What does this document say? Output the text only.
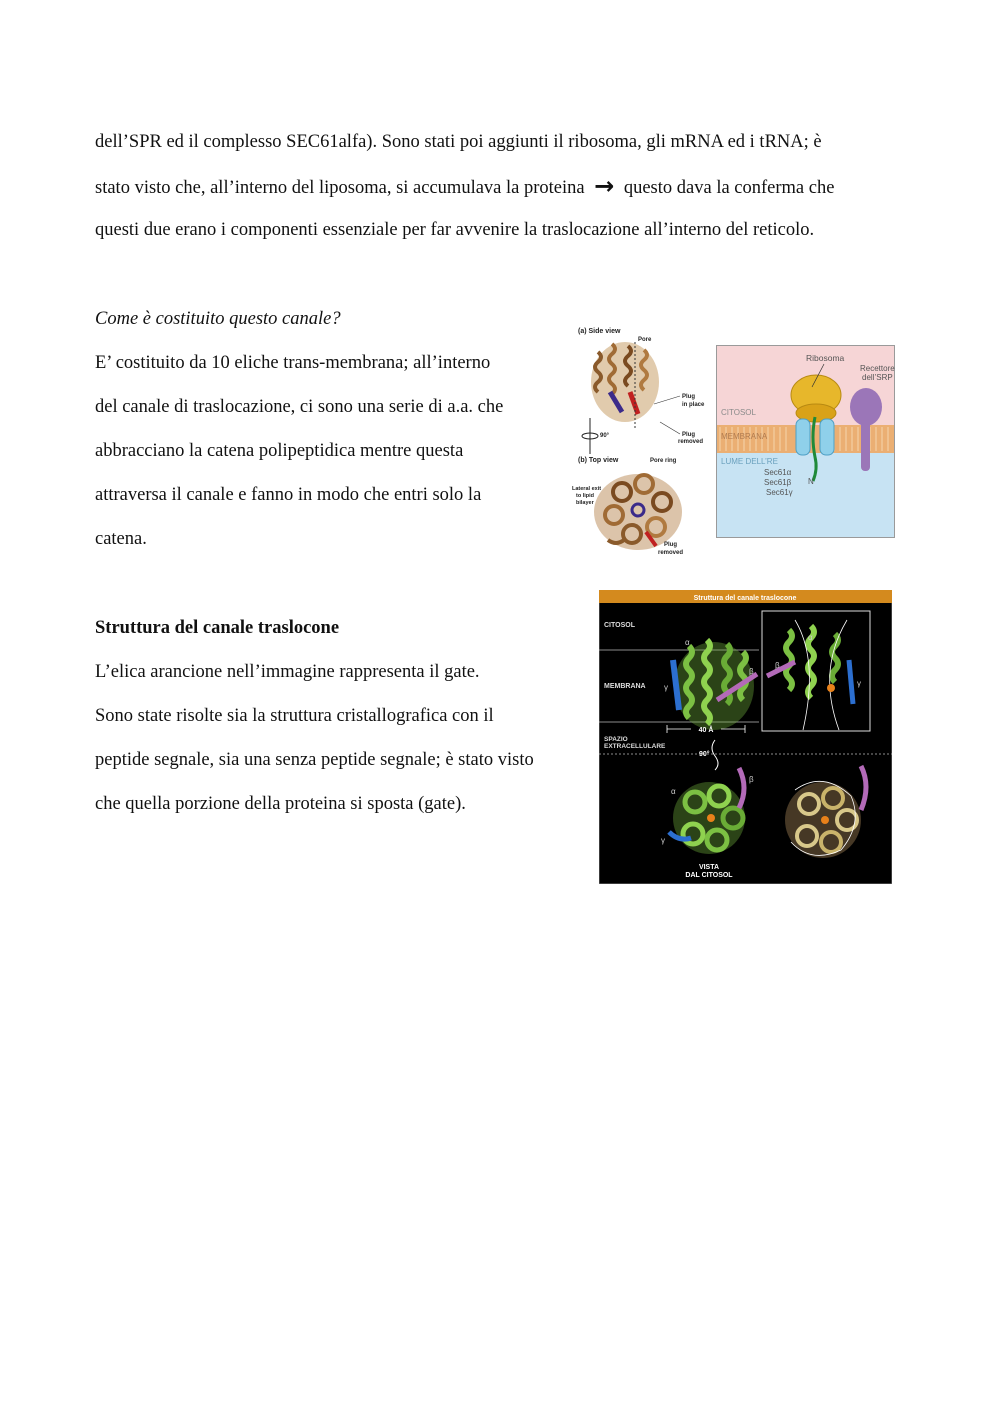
dell’SPR ed il complesso SEC61alfa). Sono stati poi aggiunti il ribosoma, gli mRNA ed i tRNA; è
stato visto che, all’interno del liposoma, si accumulava la proteina → questo dava la conferma che
questi due erano i componenti essenziale per far avvenire la traslocazione all’interno del reticolo.
Come è costituito questo canale?
E’ costituito da 10 eliche trans-membrana; all’interno
del canale di traslocazione, ci sono una serie di a.a. che
abbracciano la catena polipeptidica mentre questa
attraversa il canale e fanno in modo che entri solo la
catena.
(a) Side view
Pore
Plug
in place
Plug
removed
90°
(b) Top view	Pore ring
Lateral exit
to lipid
bilayer
Plug
removed
Ribosoma
Recettore
dell’SRP
CITOSOL
MEMBRANA
LUME DELL’RE
Sec61α
Sec61β
Sec61γ
N
Struttura del canale traslocone
L’elica arancione nell’immagine rappresenta il gate.
Sono state risolte sia la struttura cristallografica con il
peptide segnale, sia una senza peptide segnale; è stato visto
che quella porzione della proteina si sposta (gate).
Struttura del canale traslocone
CITOSOL
MEMBRANA
SPAZIO
EXTRACELLULARE
α
β
γ
40 Å
α
β
γ
90°
α
β
γ
VISTA
DAL CITOSOL
